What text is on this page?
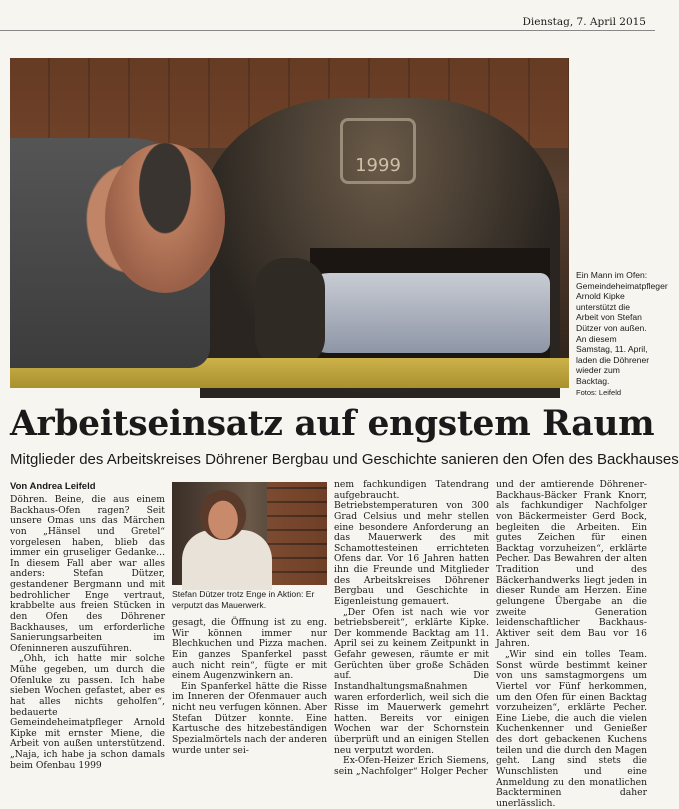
Dienstag, 7. April 2015
1999
Ein Mann im Ofen: Gemeindeheimatpfleger Arnold Kipke unterstützt die Arbeit von Stefan Dützer von außen. An diesem Samstag, 11. April, laden die Döhrener wieder zum Backtag.
Fotos: Leifeld
Arbeitseinsatz auf engstem Raum
Mitglieder des Arbeitskreises Döhrener Bergbau und Geschichte sanieren den Ofen des Backhauses
Von Andrea Leifeld

Döhren. Beine, die aus einem Backhaus-Ofen ragen? Seit unsere Omas uns das Märchen von „Hänsel und Gretel“ vorgelesen haben, blieb das immer ein gruseliger Gedanke... In diesem Fall aber war alles anders: Stefan Dützer, gestandener Bergmann und mit bedrohlicher Enge vertraut, krabbelte aus freien Stücken in den Ofen des Döhrener Backhauses, um erforderliche Sanierungsarbeiten im Ofeninneren auszuführen.

„Ohh, ich hatte mir solche Mühe gegeben, um durch die Ofenluke zu passen. Ich habe sieben Wochen gefastet, aber es hat alles nichts geholfen“, bedauerte Gemeindeheimatpfleger Arnold Kipke mit ernster Miene, die Arbeit von außen unterstützend. „Naja, ich habe ja schon damals beim Ofenbau 1999

Stefan Dützer trotz Enge in Aktion: Er verputzt das Mauerwerk.

gesagt, die Öffnung ist zu eng. Wir können immer nur Blechkuchen und Pizza machen. Ein ganzes Spanferkel passt auch nicht rein“, fügte er mit einem Augenzwinkern an.

Ein Spanferkel hätte die Risse im Inneren der Ofenmauer auch nicht neu verfugen können. Aber Stefan Dützer konnte. Eine Kartusche des hitzebeständigen Spezialmörtels nach der anderen wurde unter sei-

nem fachkundigen Tatendrang aufgebraucht. Betriebstemperaturen von 300 Grad Celsius und mehr stellen eine besondere Anforderung an das Mauerwerk des mit Schamottesteinen errichteten Ofens dar. Vor 16 Jahren hatten ihn die Freunde und Mitglieder des Arbeitskreises Döhrener Bergbau und Geschichte in Eigenleistung gemauert.

„Der Ofen ist nach wie vor betriebsbereit“, erklärte Kipke. Der kommende Backtag am 11. April sei zu keinem Zeitpunkt in Gefahr gewesen, räumte er mit Gerüchten über große Schäden auf. Die Instandhaltungsmaßnahmen waren erforderlich, weil sich die Risse im Mauerwerk gemehrt hatten. Bereits vor einigen Wochen war der Schornstein überprüft und an einigen Stellen neu verputzt worden.

Ex-Ofen-Heizer Erich Siemens, sein „Nachfolger“ Holger Pecher

und der amtierende Döhrener-Backhaus-Bäcker Frank Knorr, als fachkundiger Nachfolger von Bäckermeister Gerd Bock, begleiten die Arbeiten. Ein gutes Zeichen für einen Backtag vorzuheizen“, erklärte Pecher. Das Bewahren der alten Tradition und des Bäckerhandwerks liegt jeden in dieser Runde am Herzen. Eine gelungene Übergabe an die zweite Generation leidenschaftlicher Backhaus-Aktiver seit dem Bau vor 16 Jahren.

„Wir sind ein tolles Team. Sonst würde bestimmt keiner von uns samstagmorgens um Viertel vor Fünf herkommen, um den Ofen für einen Backtag vorzuheizen“, erklärte Pecher. Eine Liebe, die auch die vielen Kuchenkenner und Genießer des dort gebackenen Kuchens teilen und die durch den Magen geht. Lang sind stets die Wunschlisten und eine Anmeldung zu den monatlichen Backterminen daher unerlässlich.
